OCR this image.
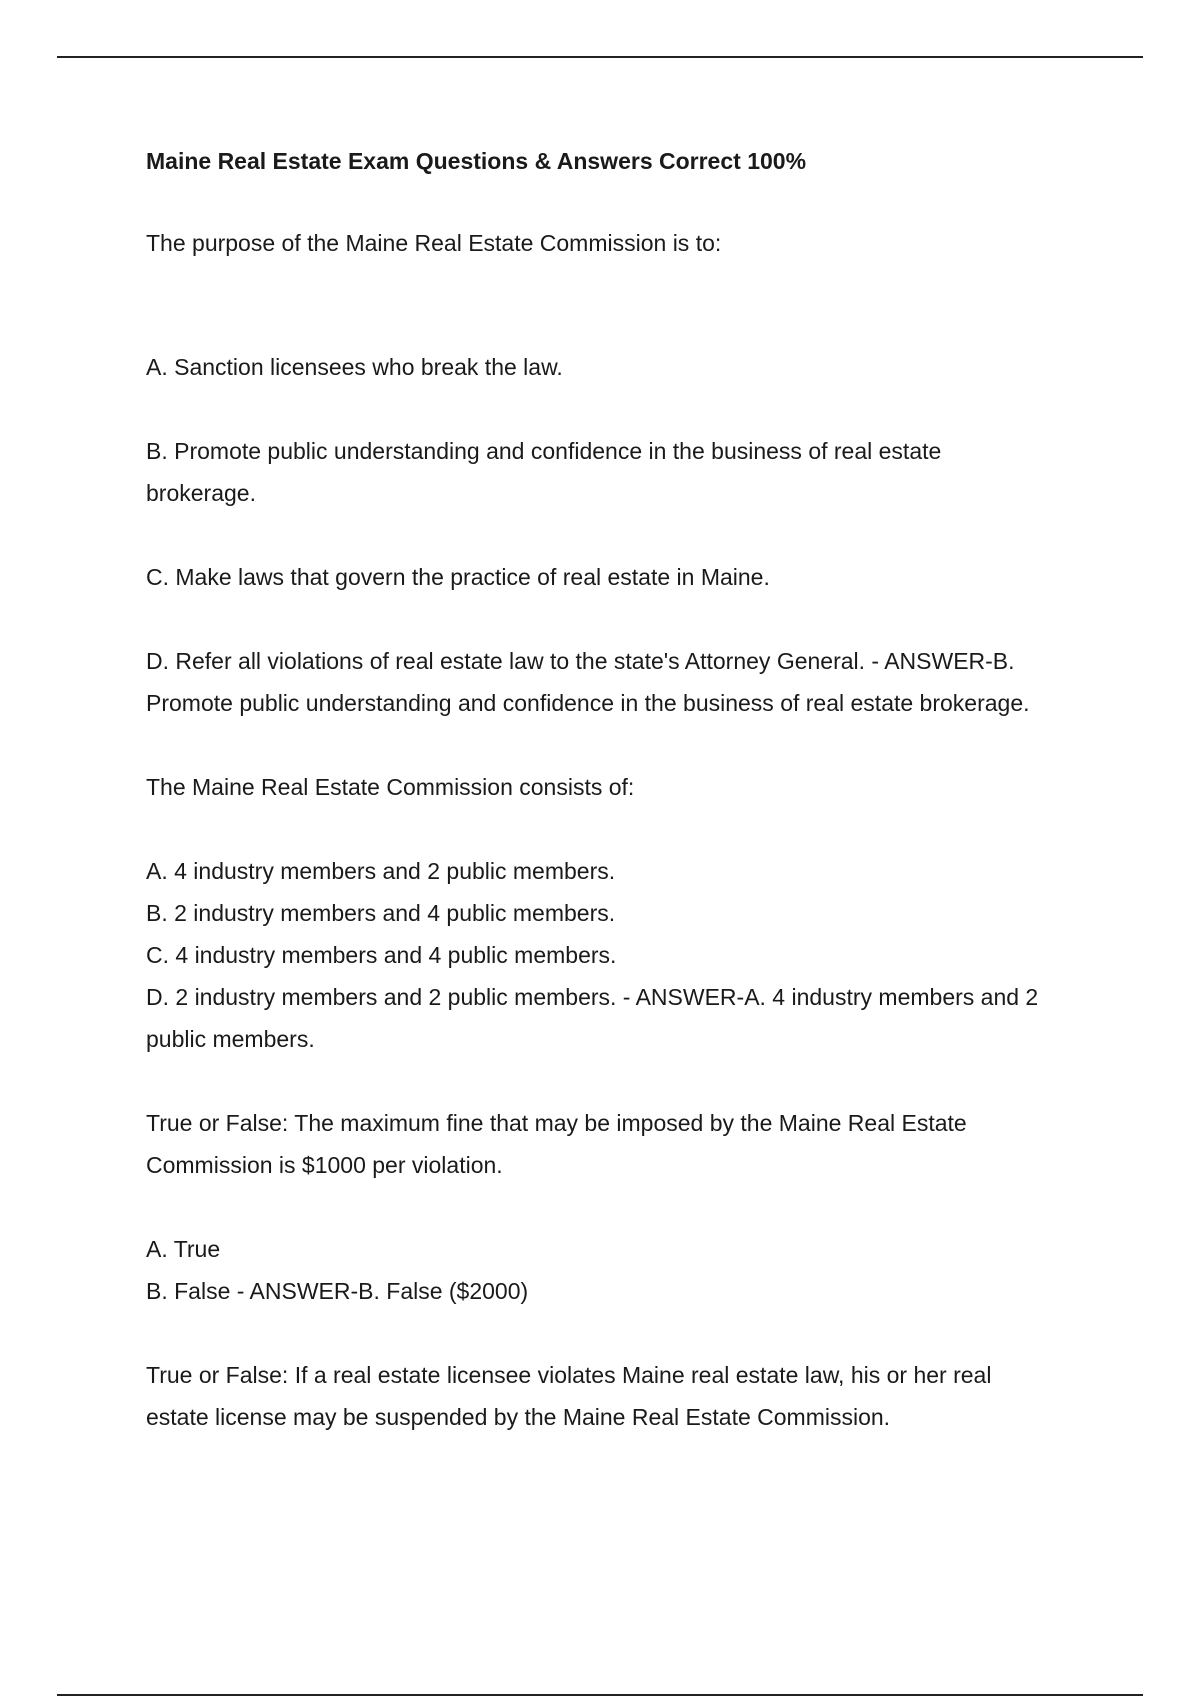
Maine Real Estate Exam Questions & Answers Correct 100%

The purpose of the Maine Real Estate Commission is to:

A. Sanction licensees who break the law.

B. Promote public understanding and confidence in the business of real estate brokerage.

C. Make laws that govern the practice of real estate in Maine.

D. Refer all violations of real estate law to the state's Attorney General. - ANSWER-B. Promote public understanding and confidence in the business of real estate brokerage.

The Maine Real Estate Commission consists of:

A. 4 industry members and 2 public members.

B. 2 industry members and 4 public members.

C. 4 industry members and 4 public members.

D. 2 industry members and 2 public members. - ANSWER-A. 4 industry members and 2 public members.

True or False: The maximum fine that may be imposed by the Maine Real Estate Commission is $1000 per violation.

A. True

B. False - ANSWER-B. False ($2000)

True or False: If a real estate licensee violates Maine real estate law, his or her real estate license may be suspended by the Maine Real Estate Commission.
